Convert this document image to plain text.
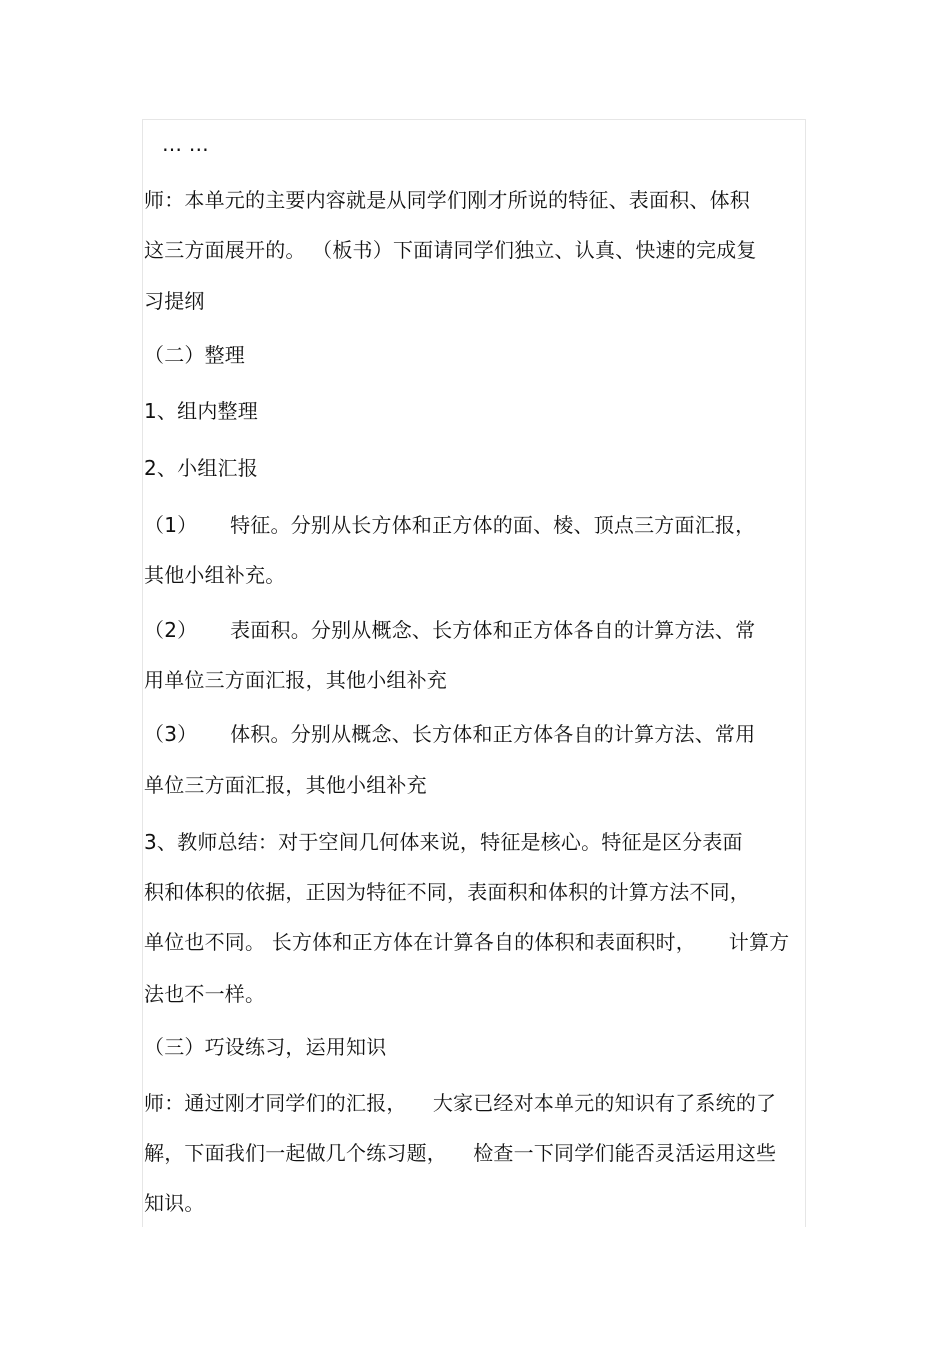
… …
师：本单元的主要内容就是从同学们刚才所说的特征、表面积、体积
这三方面展开的。 （板书）下面请同学们独立、认真、快速的完成复
习提纲
（二）整理
1、组内整理
2、小组汇报
（1）     特征。分别从长方体和正方体的面、棱、顶点三方面汇报，
其他小组补充。
（2）     表面积。分别从概念、长方体和正方体各自的计算方法、常
用单位三方面汇报，其他小组补充
（3）     体积。分别从概念、长方体和正方体各自的计算方法、常用
单位三方面汇报，其他小组补充
3、教师总结：对于空间几何体来说，特征是核心。特征是区分表面
积和体积的依据，正因为特征不同，表面积和体积的计算方法不同，
单位也不同。 长方体和正方体在计算各自的体积和表面积时，     计算方
法也不一样。
（三）巧设练习，运用知识
师：通过刚才同学们的汇报，    大家已经对本单元的知识有了系统的了
解，下面我们一起做几个练习题，    检查一下同学们能否灵活运用这些
知识。
